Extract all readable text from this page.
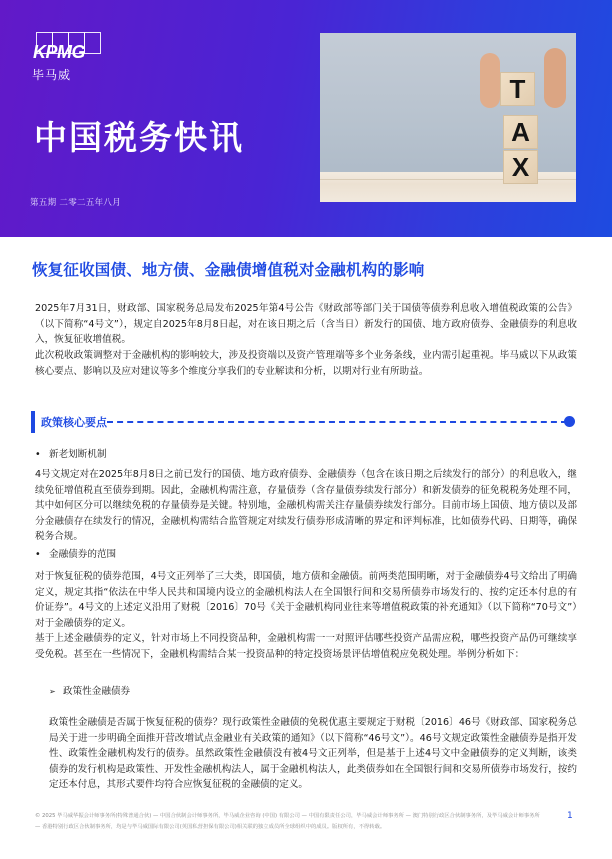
KPMG
毕马威
中国税务快讯
第五期 二零二五年八月
T
A
X
恢复征收国债、地方债、金融债增值税对金融机构的影响

2025年7月31日，财政部、国家税务总局发布2025年第4号公告《财政部等部门关于国债等债券利息收入增值税政策的公告》（以下简称“4号文”），规定自2025年8月8日起，对在该日期之后（含当日）新发行的国债、地方政府债券、金融债券的利息收入，恢复征收增值税。

此次税收政策调整对于金融机构的影响较大，涉及投资端以及资产管理端等多个业务条线，业内需引起重视。毕马威以下从政策核心要点、影响以及应对建议等多个维度分享我们的专业解读和分析，以期对行业有所助益。

政策核心要点
• 新老划断机制

4号文规定对在2025年8月8日之前已发行的国债、地方政府债券、金融债券（包含在该日期之后续发行的部分）的利息收入，继续免征增值税直至债券到期。因此，金融机构需注意，存量债券（含存量债券续发行部分）和新发债券的征免税税务处理不同，其中如何区分可以继续免税的存量债券是关键。特别地，金融机构需关注存量债券续发行部分。目前市场上国债、地方债以及部分金融债存在续发行的情况，金融机构需结合监管规定对续发行债券形成清晰的界定和评判标准，比如债券代码、日期等，确保税务合规。

• 金融债券的范围

对于恢复征税的债券范围，4号文正列举了三大类，即国债，地方债和金融债。前两类范围明晰，对于金融债券4号文给出了明确定义，规定其指“依法在中华人民共和国境内设立的金融机构法人在全国银行间和交易所债券市场发行的、按约定还本付息的有价证券”。4号文的上述定义沿用了财税〔2016〕70号《关于金融机构同业往来等增值税政策的补充通知》（以下简称“70号文”）对于金融债券的定义。

基于上述金融债券的定义，针对市场上不同投资品种，金融机构需一一对照评估哪些投资产品需应税，哪些投资产品仍可继续享受免税。甚至在一些情况下，金融机构需结合某一投资品种的特定投资场景评估增值税应免税处理。举例分析如下：

➢ 政策性金融债券

政策性金融债是否属于恢复征税的债券？现行政策性金融债的免税优惠主要规定于财税〔2016〕46号《财政部、国家税务总局关于进一步明确全面推开营改增试点金融业有关政策的通知》（以下简称“46号文”）。46号文规定政策性金融债券是指开发性、政策性金融机构发行的债券。虽然政策性金融债没有被4号文正列举，但是基于上述4号文中金融债券的定义判断，该类债券的发行机构是政策性、开发性金融机构法人，属于金融机构法人，此类债券如在全国银行间和交易所债券市场发行，按约定还本付息，其形式要件均符合应恢复征税的金融债的定义。

© 2025 毕马威华振会计师事务所(特殊普通合伙) — 中国合伙制会计师事务所，毕马威企业咨询 (中国) 有限公司 — 中国有限责任公司，毕马威会计师事务所 — 澳门特别行政区合伙制事务所，及毕马威会计师事务所 — 香港特别行政区合伙制事务所，均是与毕马威国际有限公司(英国私营担保有限公司)相关联的独立成员所全球组织中的成员。版权所有，不得转载。
1
